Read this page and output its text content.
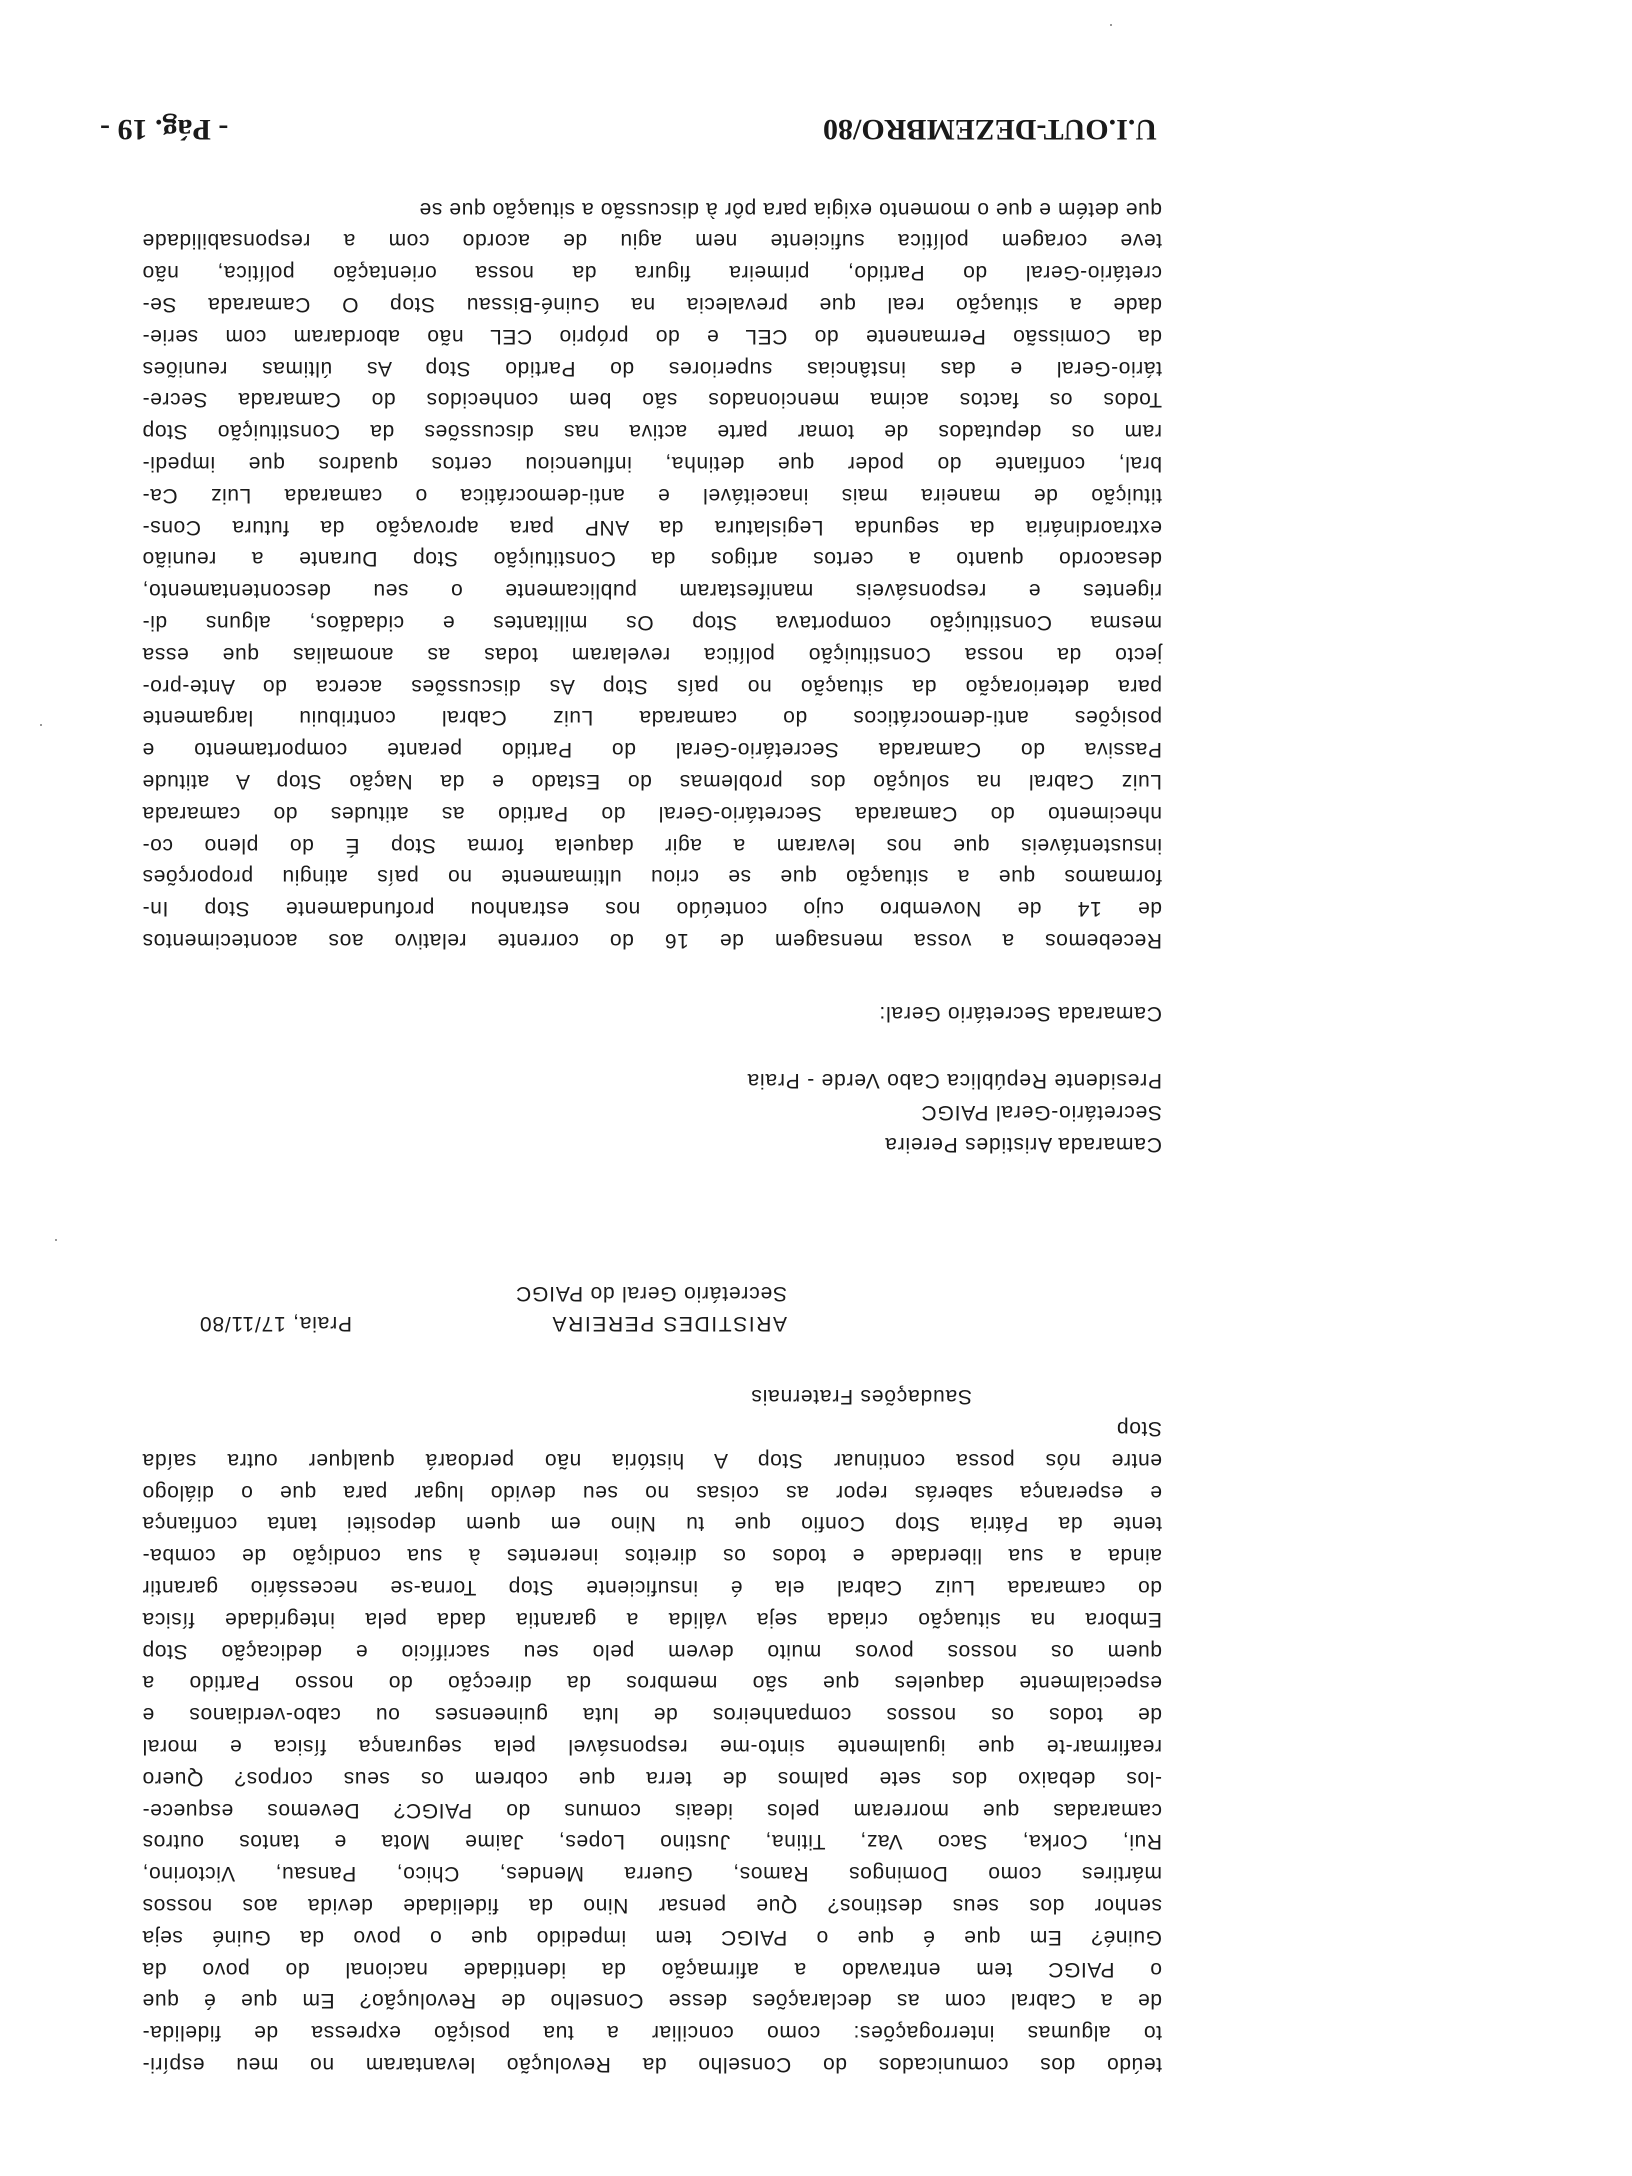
teúdo dos comunicados do Conselho da Revolução levantaram no meu espíri-
to algumas interrogações: como conciliar a tua posição expressa de fidelida-
de a Cabral com as declarações desse Conselho de Revolução? Em que é que
o PAIGC tem entravado a afirmação da identidade nacional do povo da
Guiné? Em que é que o PAIGC tem impedido que o povo da Guiné seja
senhor dos seus destinos? Que pensar Nino da fidelidade devida aos nossos
mártires como Domingos Ramos, Guerra Mendes, Chico, Pansau, Victorino,
Rui, Corka, Saco Vaz, Titina, Justino Lopes, Jaime Mota e tantos outros
camaradas que morreram pelos ideais comuns do PAIGC? Devemos esquece-
-los debaixo dos sete palmos de terra que cobrem os seus corpos? Quero
reafirmar-te que igualmente sinto-me responsável pela segurança física e moral
de todos os nossos companheiros de luta guineenses ou cabo-verdianos e
especialmente daqueles que são membros da direcção do nosso Partido a
quem os nossos povos muito devem pelo seu sacrifício e dedicação Stop
Embora na situação criada seja válida a garantia dada pela integridade física
do camarada Luiz Cabral ela é insuficiente Stop Torna-se necessário garantir
ainda a sua liberdade e todos os direitos inerentes à sua condição de comba-
tente da Pátria Stop Confio que tu Nino em quem depositei tanta confiança
e esperança saberás repor as coisas no seu devido lugar para que o diálogo
entre nós possa continuar Stop A história não perdoará qualquer outra saída
Stop
Saudações Fraternais
ARISTIDES PEREIRA
Secretário Geral do PAIGC
Praia, 17/11/80
Camarada Aristides Pereira
Secretário-Geral PAIGC
Presidente República Cabo Verde - Praia
Camarada Secretário Geral:
Recebemos a vossa mensagem de 16 do corrente relativo aos acontecimentos
de 14 de Novembro cujo conteúdo nos estranhou profundamente Stop In-
formamos que a situação que se criou ultimamente no país atingiu proporções
insustentáveis que nos levaram a agir daquela forma Stop É do pleno co-
nhecimento do Camarada Secretário-Geral do Partido as atitudes do camarada
Luiz Cabral na solução dos problemas do Estado e da Nação Stop A atitude
Passiva do Camarada Secretário-Geral do Partido perante comportamento e
posições anti-democráticos do camarada Luiz Cabral contribuiu largamente
para deterioração da situação no país Stop As discussões acerca do Ante-pro-
jecto da nossa Constituição política revelaram todas as anomalias que essa
mesma Constituição comportava Stop Os militantes e cidadãos, alguns di-
rigentes e responsáveis manifestaram publicamente o seu descontentamento,
desacordo quanto a certos artigos da Constituição Stop Durante a reunião
extraordinária da segunda Legislatura da ANP para aprovação da futura Cons-
tituição de maneira mais inaceitável e anti-democrática o camarada Luiz Ca-
bral, confiante do poder que detinha, influenciou certos quadros que impedi-
ram os deputados de tomar parte activa nas discussões da Constituição Stop
Todos os factos acima mencionados são bem conhecidos do Camarada Secre-
tário-Geral e das instâncias superiores do Partido Stop As últimas reuniões
da Comissão Permanente do CEL e do próprio CEL não abordaram com serie-
dade a situação real que prevalecia na Guiné-Bissau Stop O Camarada Se-
cretário-Geral do Partido, primeira figura da nossa orientação política, não
teve coragem política suficiente nem agiu de acordo com a responsabilidade
que detém e que o momento exigia para pôr à discussão a situação que se
U.I.OUT-DEZEMBRO/80
- Pág. 19 -
